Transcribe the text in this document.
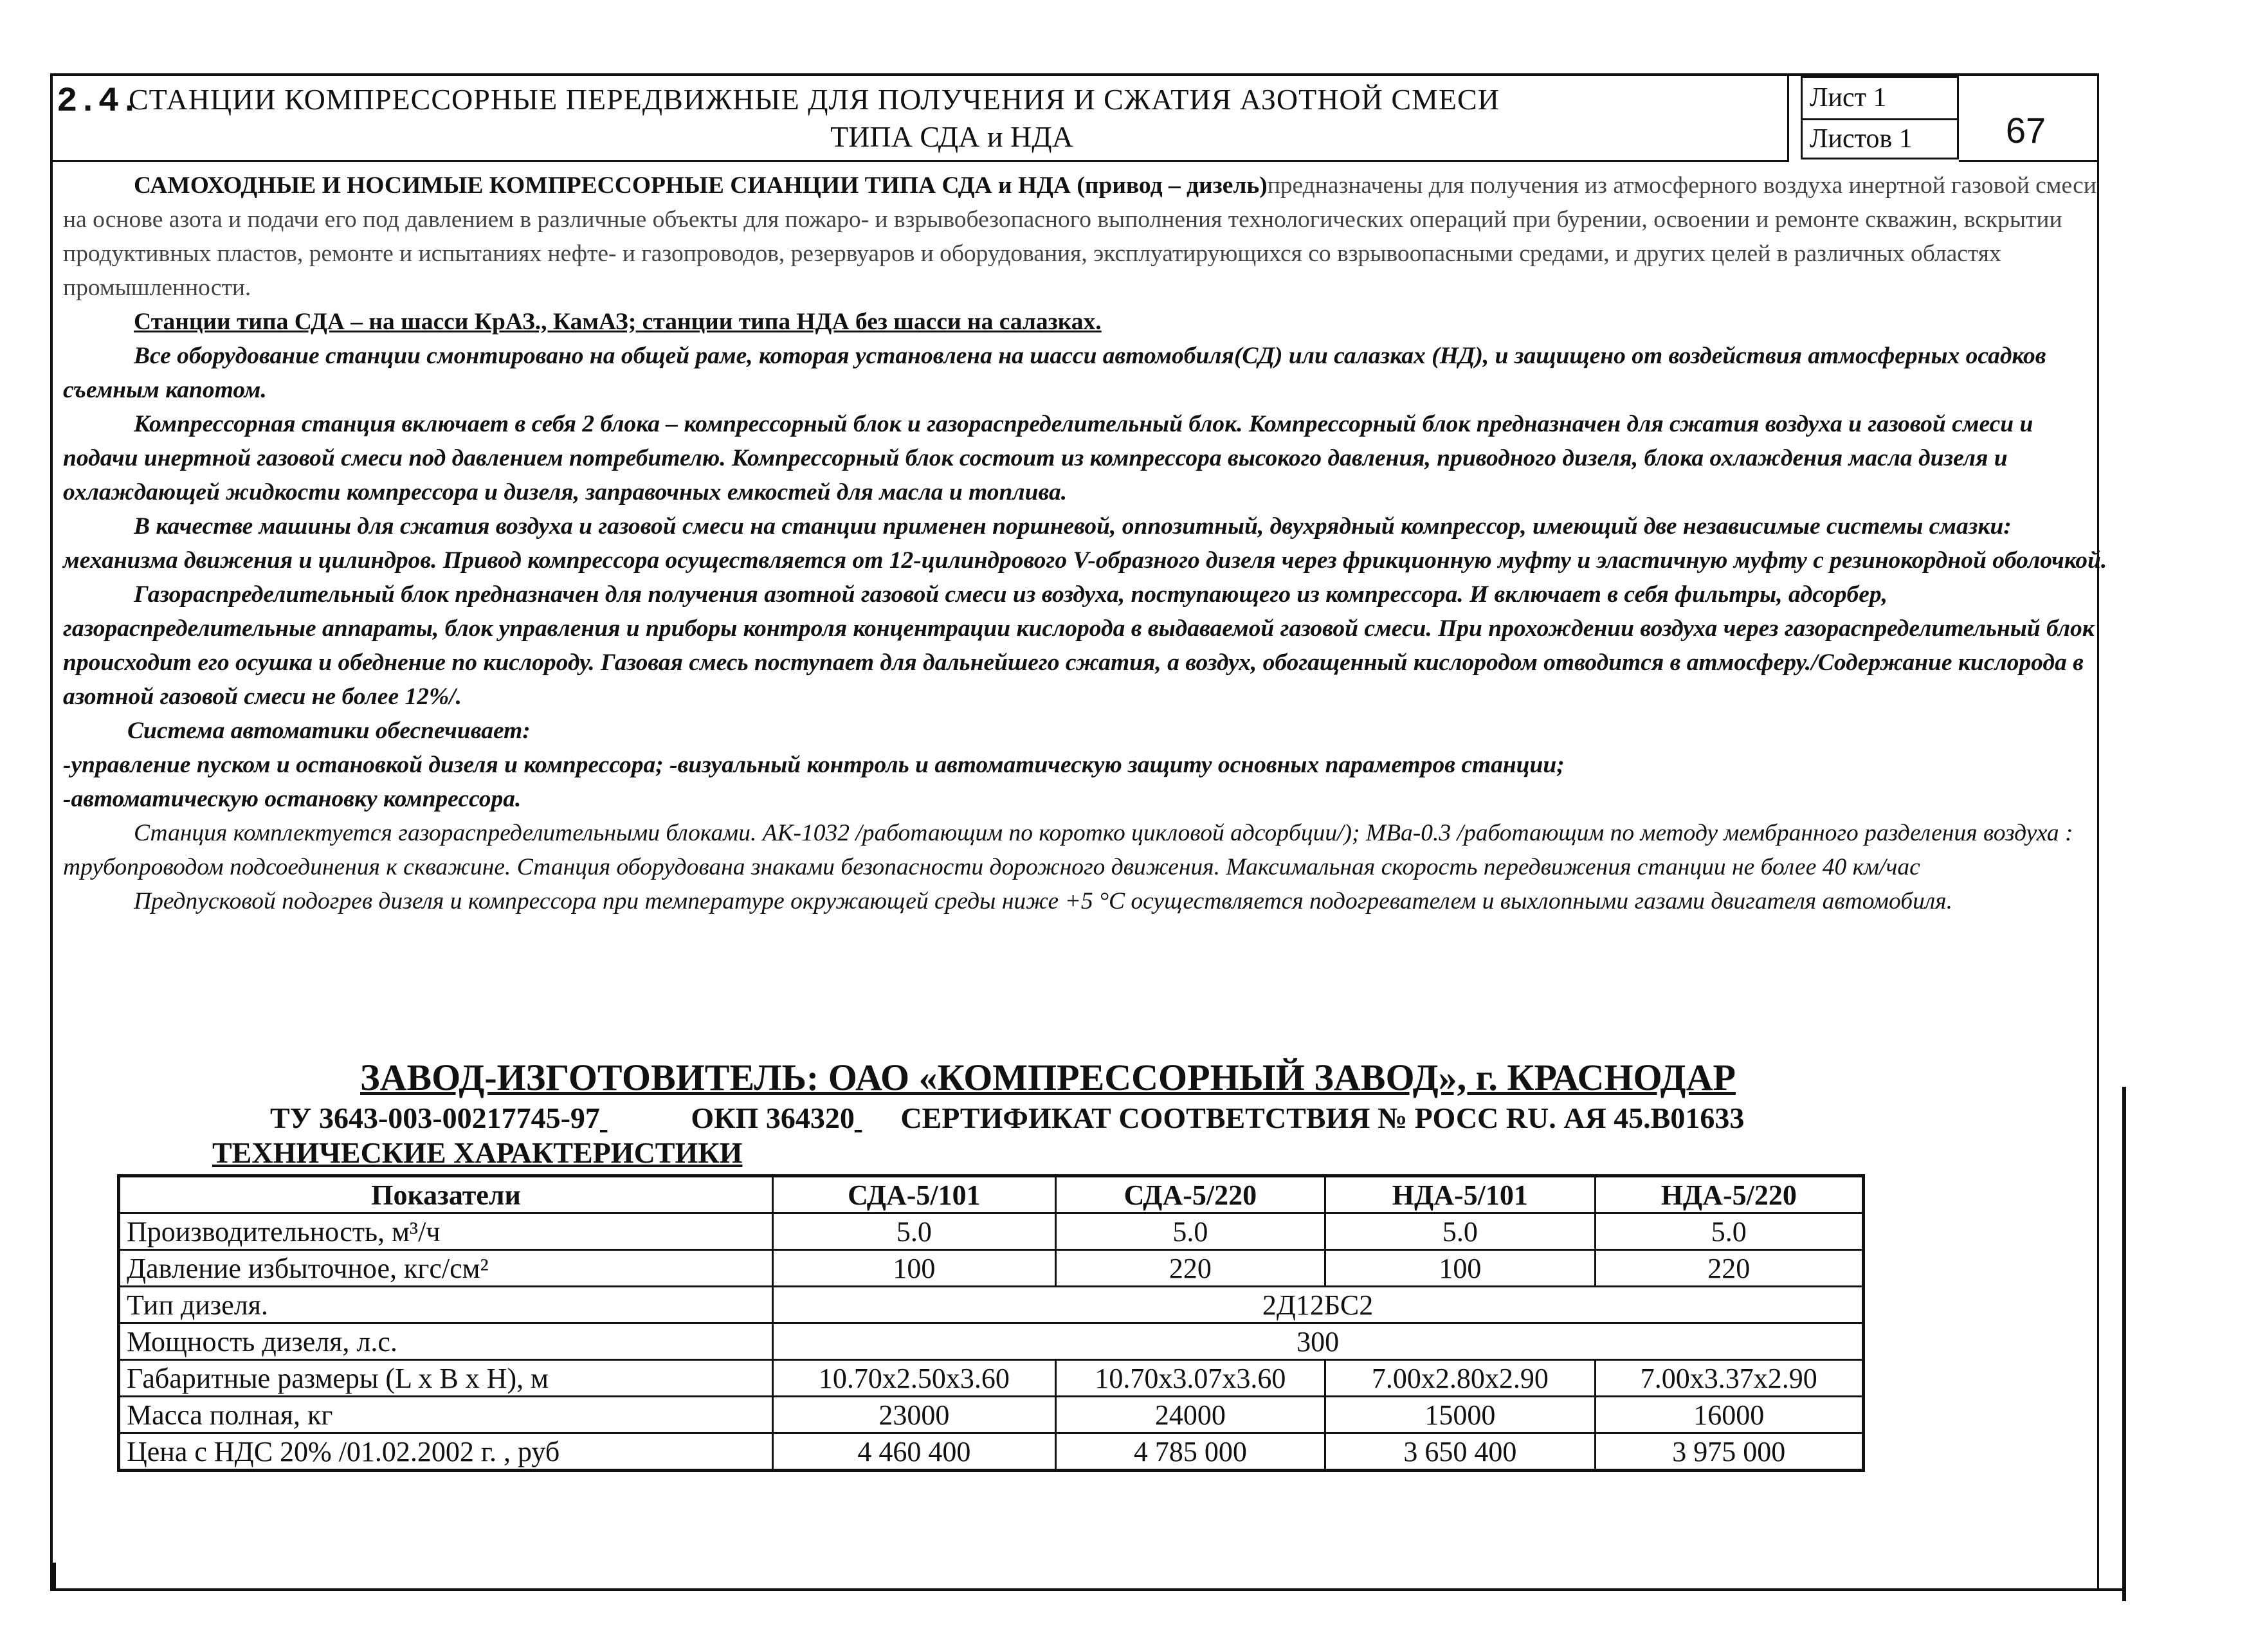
2.4.
СТАНЦИИ КОМПРЕССОРНЫЕ ПЕРЕДВИЖНЫЕ ДЛЯ ПОЛУЧЕНИЯ И СЖАТИЯ АЗОТНОЙ СМЕСИ
ТИПА СДА и НДА
Лист 1
Листов 1	67

САМОХОДНЫЕ И НОСИМЫЕ КОМПРЕССОРНЫЕ СИАНЦИИ ТИПА СДА и НДА (привод – дизель)предназначены для получения из атмосферного воздуха инертной газовой смеси на основе азота и подачи его под давлением в различные объекты для пожаро- и взрывобезопасного выполнения технологических операций при бурении, освоении и ремонте скважин, вскрытии продуктивных пластов, ремонте и испытаниях нефте- и газопроводов, резервуаров и оборудования, эксплуатирующихся со взрывоопасными средами, и других целей в различных областях промышленности.

Станции типа СДА – на шасси КрАЗ., КамАЗ; станции типа НДА без шасси на салазках.

Все оборудование станции смонтировано на общей раме, которая установлена на шасси автомобиля(СД) или салазках (НД), и защищено от воздействия атмосферных осадков съемным капотом.

Компрессорная станция включает в себя 2 блока – компрессорный блок и газораспределительный блок. Компрессорный блок предназначен для сжатия воздуха и газовой смеси и подачи инертной газовой смеси под давлением потребителю. Компрессорный блок состоит из компрессора высокого давления, приводного дизеля, блока охлаждения масла дизеля и охлаждающей жидкости компрессора и дизеля, заправочных емкостей для масла и топлива.

В качестве машины для сжатия воздуха и газовой смеси на станции применен поршневой, оппозитный, двухрядный компрессор, имеющий две независимые системы смазки: механизма движения и цилиндров. Привод компрессора осуществляется от 12-цилиндрового V-образного дизеля через фрикционную муфту и эластичную муфту с резинокордной оболочкой.

Газораспределительный блок предназначен для получения азотной газовой смеси из воздуха, поступающего из компрессора. И включает в себя фильтры, адсорбер, газораспределительные аппараты, блок управления и приборы контроля концентрации кислорода в выдаваемой газовой смеси. При прохождении воздуха через газораспределительный блок происходит его осушка и обеднение по кислороду. Газовая смесь поступает для дальнейшего сжатия, а воздух, обогащенный кислородом отводится в атмосферу./Содержание кислорода в азотной газовой смеси не более 12%/.

Система автоматики обеспечивает:

-управление пуском и остановкой дизеля и компрессора; -визуальный контроль и автоматическую защиту основных параметров станции;

-автоматическую остановку компрессора.

Станция комплектуется газораспределительными блоками. АК-1032 /работающим по коротко цикловой адсорбции/); МВа-0.3 /работающим по методу мембранного разделения воздуха : трубопроводом подсоединения к скважине. Станция оборудована знаками безопасности дорожного движения. Максимальная скорость передвижения станции не более 40 км/час

Предпусковой подогрев дизеля и компрессора при температуре окружающей среды ниже +5 °С осуществляется подогревателем и выхлопными газами двигателя автомобиля.

ЗАВОД-ИЗГОТОВИТЕЛЬ: ОАО «КОМПРЕССОРНЫЙ ЗАВОД», г. КРАСНОДАР
ТУ 3643-003-00217745-97	ОКП 364320 СЕРТИФИКАТ СООТВЕТСТВИЯ № РОСС RU. АЯ 45.В01633
ТЕХНИЧЕСКИЕ ХАРАКТЕРИСТИКИ
Показатели	СДА-5/101	СДА-5/220	НДА-5/101	НДА-5/220
Производительность, м³/ч	5.0	5.0	5.0	5.0
Давление избыточное, кгс/см²	100	220	100	220
Тип дизеля.	2Д12БС2			
Мощность дизеля, л.с.	300			
Габаритные размеры (L x B x H), м	10.70x2.50x3.60	10.70x3.07x3.60	7.00x2.80x2.90	7.00x3.37x2.90
Масса полная, кг	23000	24000	15000	16000
Цена с НДС 20% /01.02.2002 г. , руб	4 460 400	4 785 000	3 650 400	3 975 000
